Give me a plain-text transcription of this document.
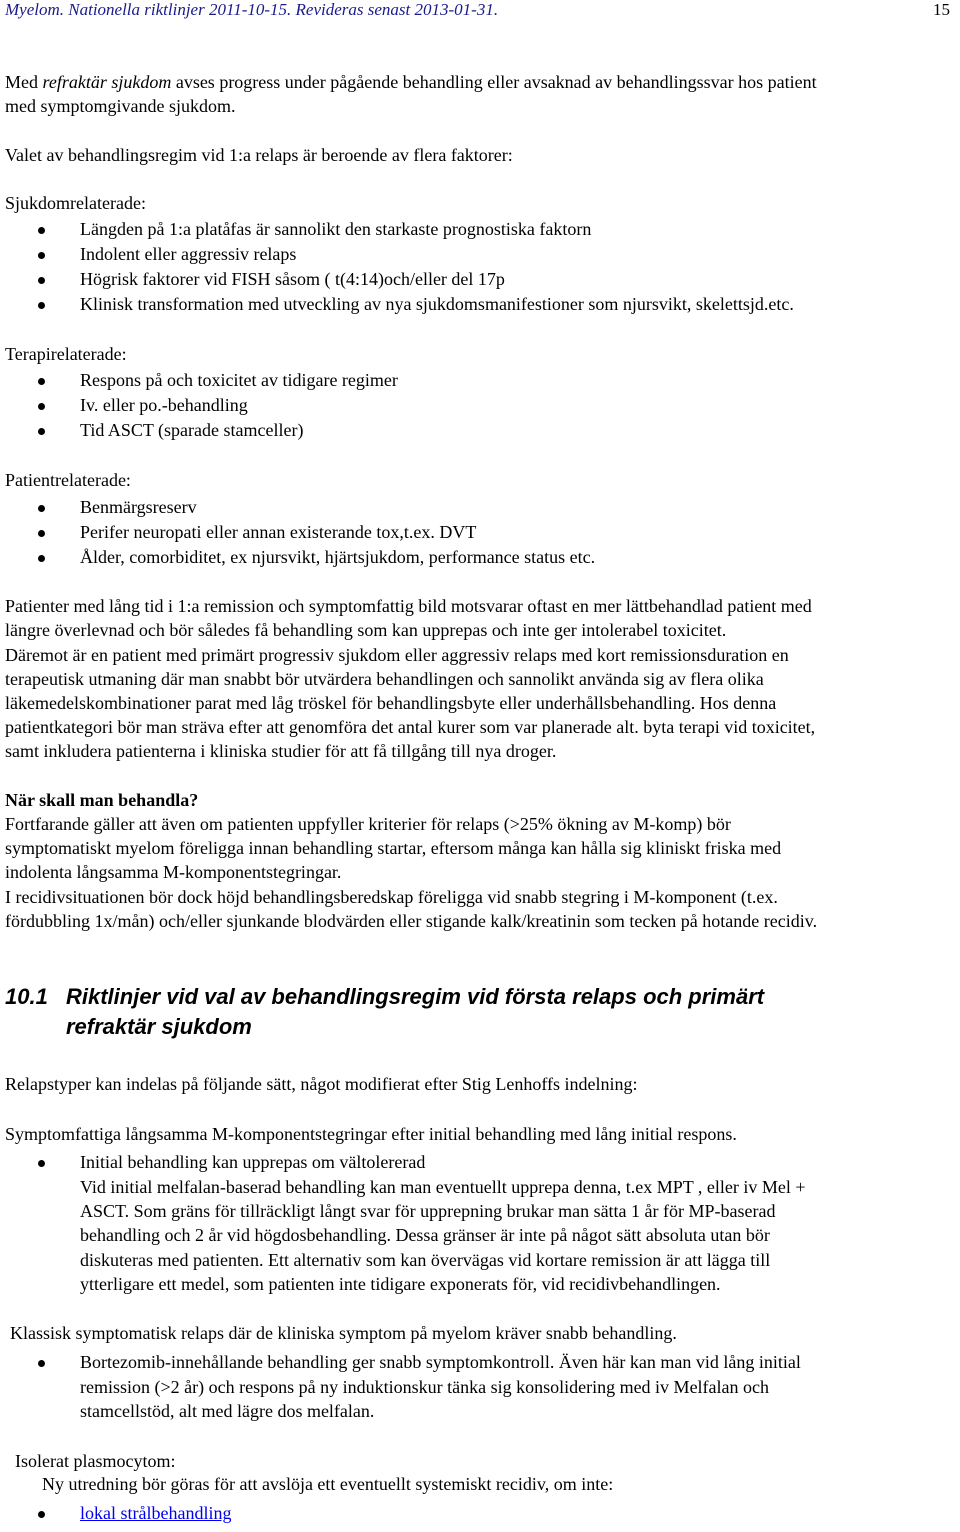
Myelom. Nationella riktlinjer 2011-10-15. Revideras senast 2013-01-31.	15
Med refraktär sjukdom avses progress under pågående behandling eller avsaknad av behandlingssvar hos patient
med symptomgivande sjukdom.
Valet av behandlingsregim vid 1:a relaps är beroende av flera faktorer:
Sjukdomrelaterade:
Längden på 1:a platåfas är sannolikt den starkaste prognostiska faktorn
Indolent eller aggressiv relaps
Högrisk faktorer vid FISH såsom ( t(4:14)och/eller del 17p
Klinisk transformation med utveckling av nya sjukdomsmanifestioner som njursvikt, skelettsjd.etc.
Terapirelaterade:
Respons på och toxicitet av tidigare regimer
Iv. eller po.-behandling
Tid ASCT (sparade stamceller)
Patientrelaterade:
Benmärgsreserv
Perifer neuropati eller annan existerande tox,t.ex. DVT
Ålder, comorbiditet, ex njursvikt, hjärtsjukdom, performance status etc.
Patienter med lång tid i 1:a remission och symptomfattig bild motsvarar oftast en mer lättbehandlad patient med
längre överlevnad och bör således få behandling som kan upprepas och inte ger intolerabel toxicitet.
Däremot är en patient med primärt progressiv sjukdom eller aggressiv relaps med kort remissionsduration en
terapeutisk utmaning där man snabbt bör utvärdera behandlingen och sannolikt använda sig av flera olika
läkemedelskombinationer parat med låg tröskel för behandlingsbyte eller underhållsbehandling. Hos denna
patientkategori bör man sträva efter att genomföra det antal kurer som var planerade alt. byta terapi vid toxicitet,
samt inkludera patienterna i kliniska studier för att få tillgång till nya droger.
När skall man behandla?
Fortfarande gäller att även om patienten uppfyller kriterier för relaps (>25% ökning av M-komp) bör
symptomatiskt myelom föreligga innan behandling startar, eftersom många kan hålla sig kliniskt friska med
indolenta långsamma M-komponentstegringar.
I recidivsituationen bör dock höjd behandlingsberedskap föreligga vid snabb stegring i M-komponent (t.ex.
fördubbling 1x/mån) och/eller sjunkande blodvärden eller stigande kalk/kreatinin som tecken på hotande recidiv.
10.1 Riktlinjer vid val av behandlingsregim vid första relaps och primärt
refraktär sjukdom
Relapstyper kan indelas på följande sätt, något modifierat efter Stig Lenhoffs indelning:
Symptomfattiga långsamma M-komponentstegringar efter initial behandling med lång initial respons.
Initial behandling kan upprepas om vältolererad
Vid initial melfalan-baserad behandling kan man eventuellt upprepa denna, t.ex MPT , eller iv Mel +
ASCT. Som gräns för tillräckligt långt svar för upprepning brukar man sätta 1 år för MP-baserad
behandling och 2 år vid högdosbehandling. Dessa gränser är inte på något sätt absoluta utan bör
diskuteras med patienten. Ett alternativ som kan övervägas vid kortare remission är att lägga till
ytterligare ett medel, som patienten inte tidigare exponerats för, vid recidivbehandlingen.
Klassisk symptomatisk relaps där de kliniska symptom på myelom kräver snabb behandling.
Bortezomib-innehållande behandling ger snabb symptomkontroll. Även här kan man vid lång initial
remission (>2 år) och respons på ny induktionskur tänka sig konsolidering med iv Melfalan och
stamcellstöd, alt med lägre dos melfalan.
Isolerat plasmocytom:
Ny utredning bör göras för att avslöja ett eventuellt systemiskt recidiv, om inte:
lokal strålbehandling
